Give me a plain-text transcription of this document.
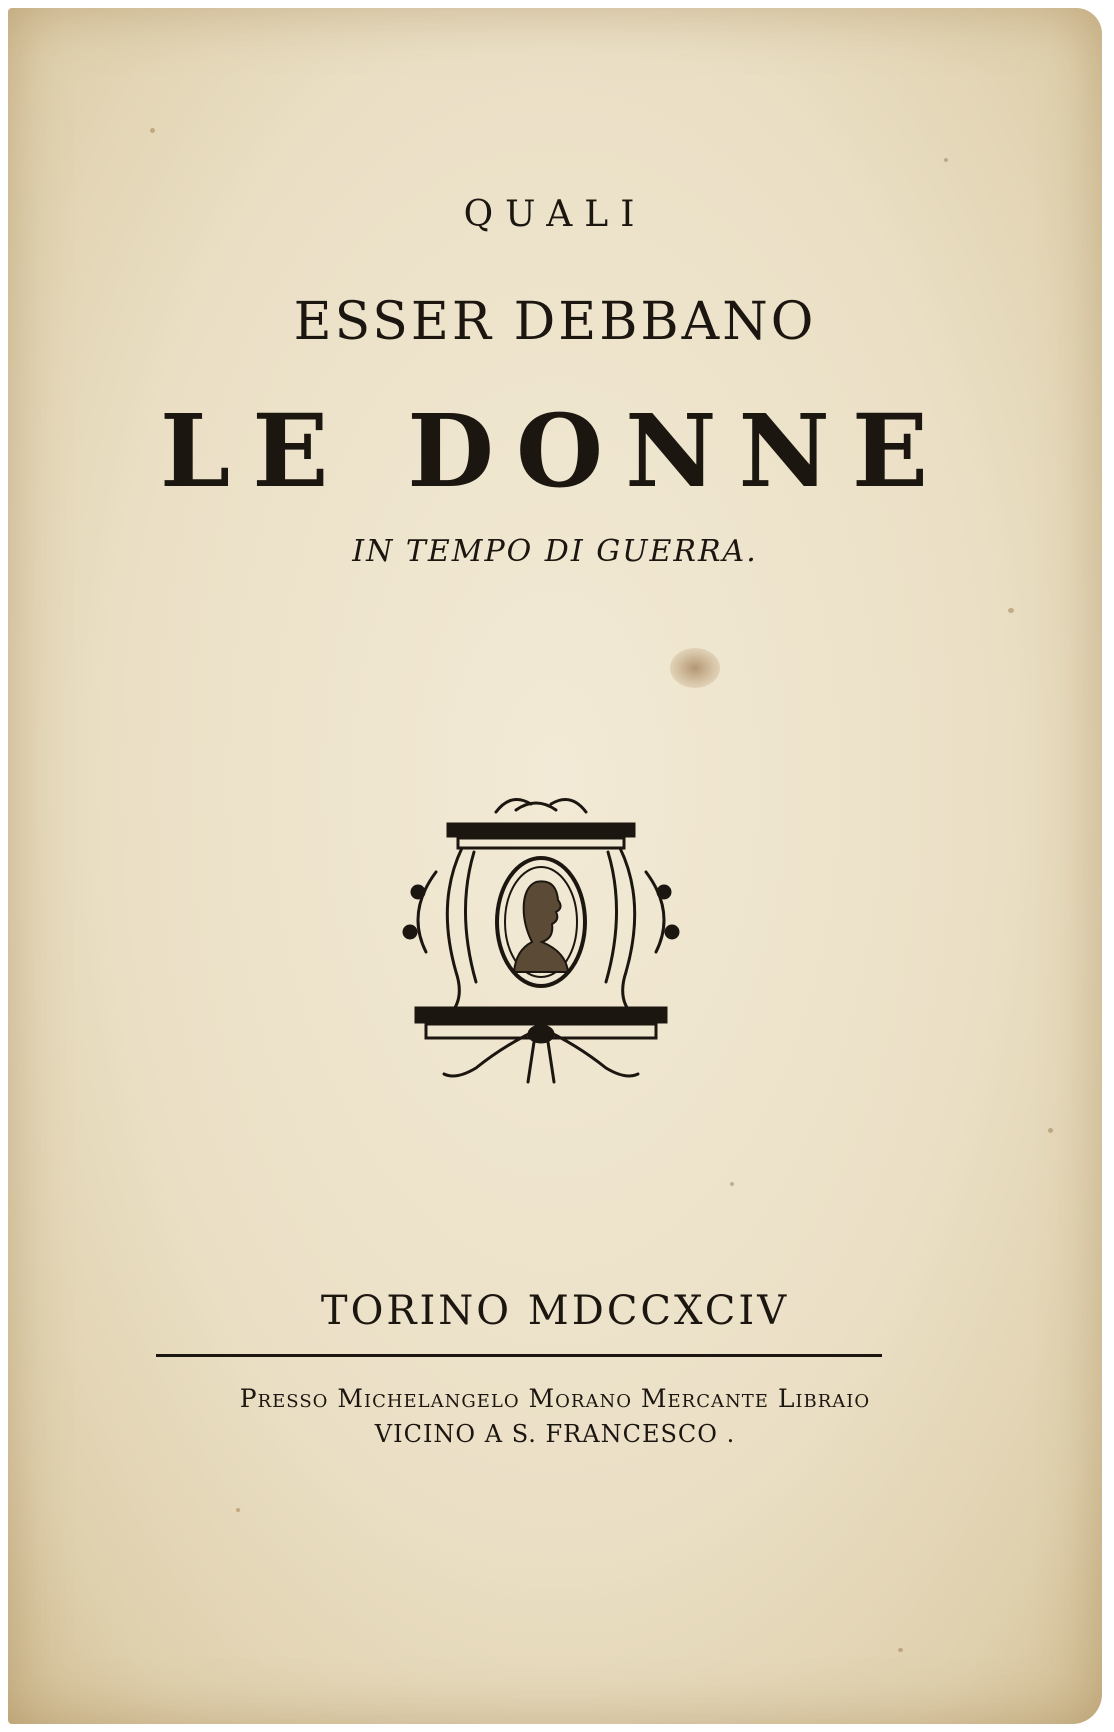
QUALI

ESSER DEBBANO

LE DONNE

IN TEMPO DI GUERRA.

TORINO MDCCXCIV

Presso Michelangelo Morano Mercante Libraio

VICINO A S. FRANCESCO .
